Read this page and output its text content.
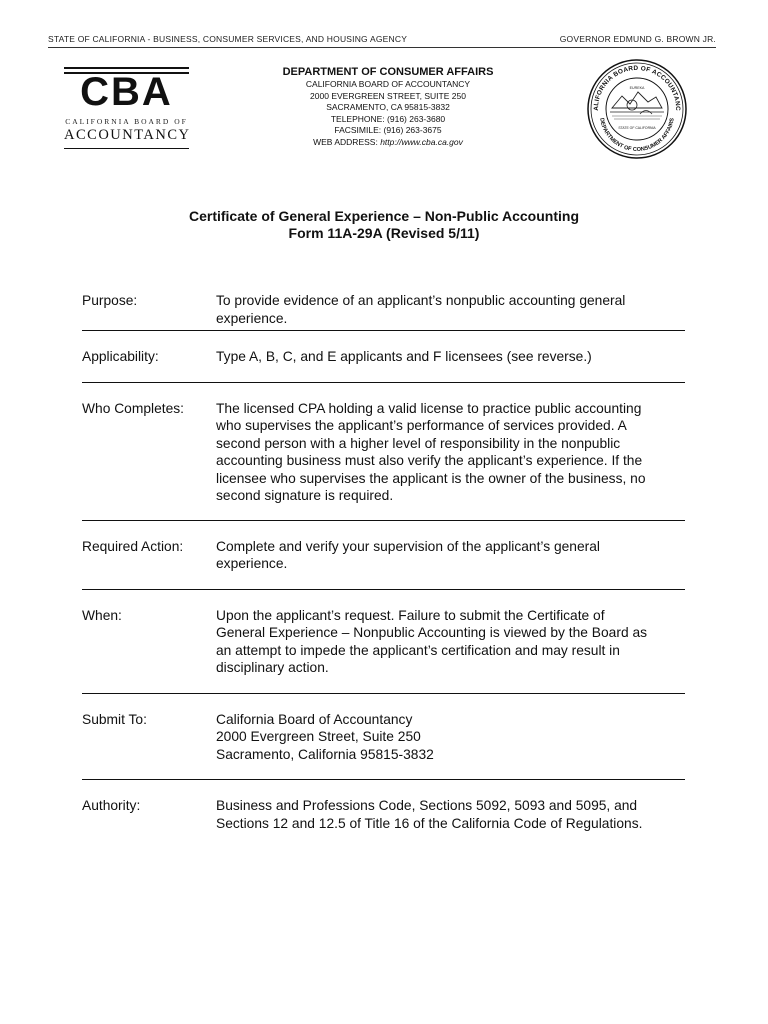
STATE OF CALIFORNIA - BUSINESS, CONSUMER SERVICES, AND HOUSING AGENCY	GOVERNOR EDMUND G. BROWN JR.
CBA
CALIFORNIA BOARD OF
ACCOUNTANCY
DEPARTMENT OF CONSUMER AFFAIRS
CALIFORNIA BOARD OF ACCOUNTANCY
2000 EVERGREEN STREET, SUITE 250
SACRAMENTO, CA 95815-3832
TELEPHONE: (916) 263-3680
FACSIMILE: (916) 263-3675
WEB ADDRESS: http://www.cba.ca.gov
ALIFORNIA BOARD OF ACCOUNTANC
DEPARTMENT OF CONSUMER AFFAIRS
EUREKA
STATE OF CALIFORNIA
Certificate of General Experience – Non-Public Accounting
Form 11A-29A (Revised 5/11)
Purpose:	To provide evidence of an applicant’s nonpublic accounting general
experience.
Applicability:	Type A, B, C, and E applicants and F licensees (see reverse.)
Who Completes:	The licensed CPA holding a valid license to practice public accounting
who supervises the applicant’s performance of services provided. A
second person with a higher level of responsibility in the nonpublic
accounting business must also verify the applicant’s experience. If the
licensee who supervises the applicant is the owner of the business, no
second signature is required.
Required Action:	Complete and verify your supervision of the applicant’s general
experience.
When:	Upon the applicant’s request. Failure to submit the Certificate of
General Experience – Nonpublic Accounting is viewed by the Board as
an attempt to impede the applicant’s certification and may result in
disciplinary action.
Submit To:	California Board of Accountancy
2000 Evergreen Street, Suite 250
Sacramento, California 95815-3832
Authority:	Business and Professions Code, Sections 5092, 5093 and 5095, and
Sections 12 and 12.5 of Title 16 of the California Code of Regulations.
